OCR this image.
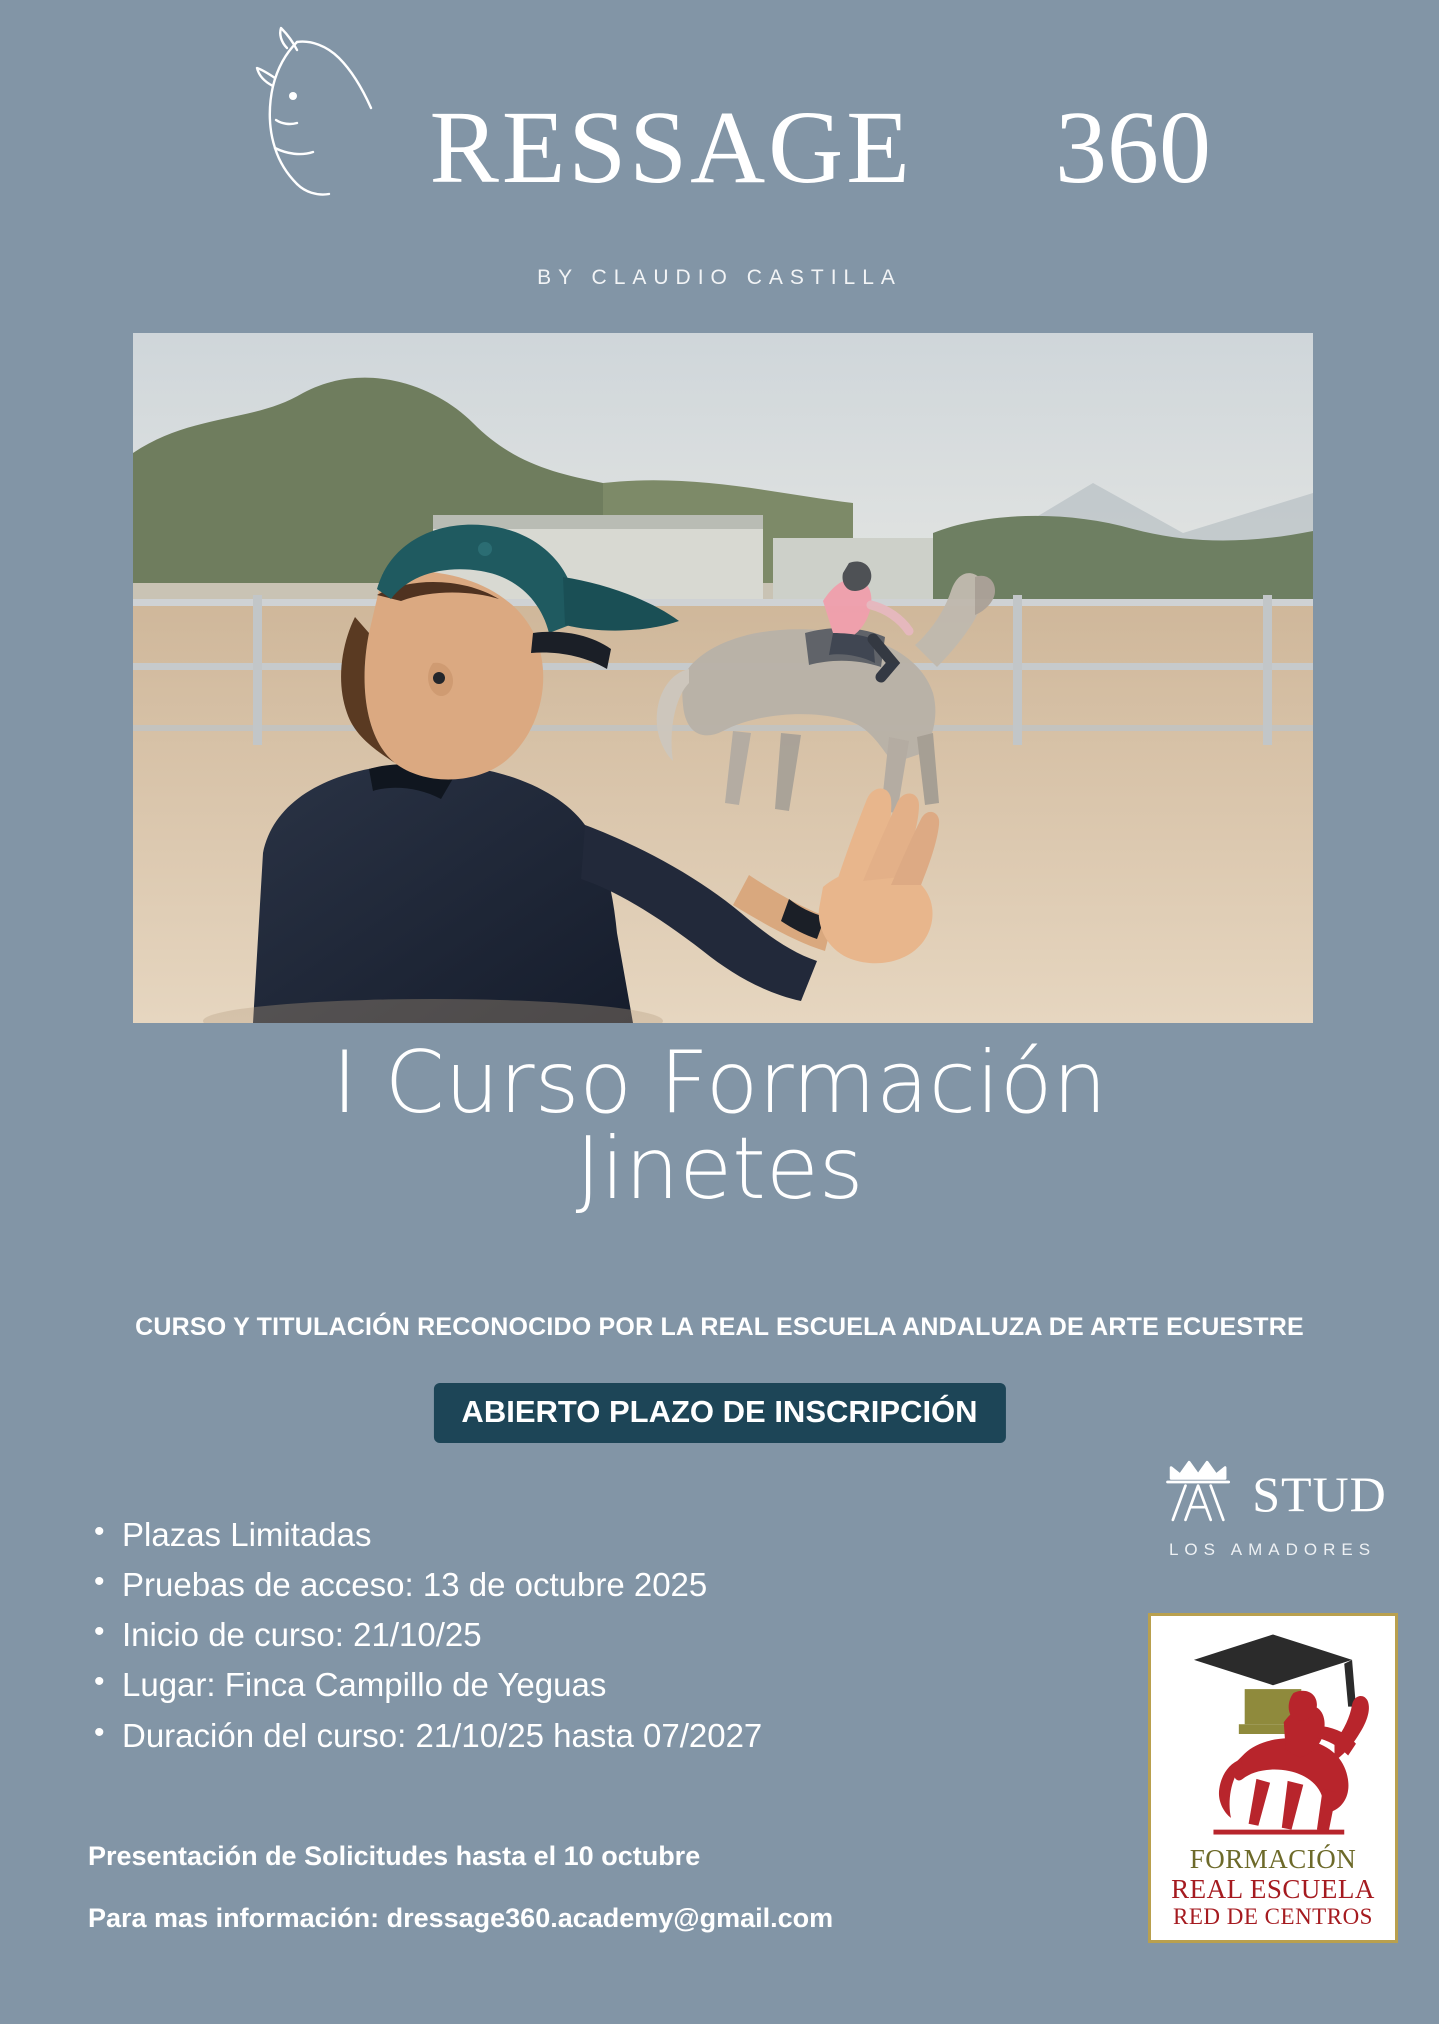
RESSAGE
BY CLAUDIO CASTILLA
360
I Curso Formación
Jinetes
CURSO Y TITULACIÓN RECONOCIDO POR LA REAL ESCUELA ANDALUZA DE ARTE ECUESTRE
ABIERTO PLAZO DE INSCRIPCIÓN
• Plazas Limitadas
• Pruebas de acceso: 13 de octubre 2025
• Inicio de curso: 21/10/25
• Lugar: Finca Campillo de Yeguas
• Duración del curso: 21/10/25 hasta 07/2027
Presentación de Solicitudes hasta el 10 octubre
Para mas información: dressage360.academy@gmail.com
STUD
LOS AMADORES
FORMACIÓN
REAL ESCUELA
RED DE CENTROS
